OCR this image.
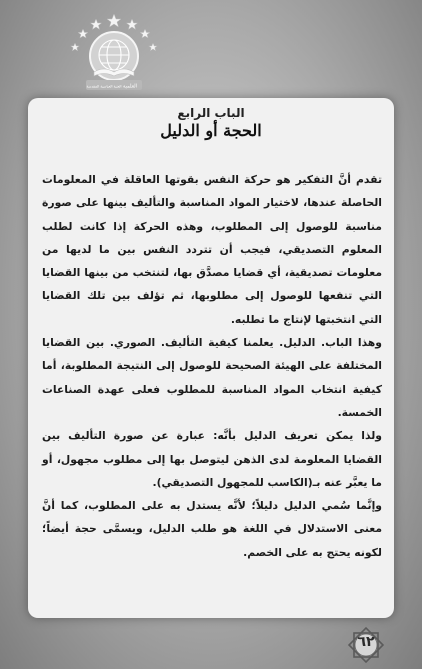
العلمية
العتبة العباسية المقدسة
الباب الرابع
الحجة أو الدليل

تقدم أنَّ التفكير هو حركة النفس بقوتها العاقلة في المعلومات الحاصلة عندها، لاختيار المواد المناسبة والتأليف بينها على صورة مناسبة للوصول إلى المطلوب، وهذه الحركة إذا كانت لطلب المعلوم التصديقي، فيجب أن تتردد النفس بين ما لديها من معلومات تصديقية، أي قضايا مصدَّق بها، لتنتخب من بينها القضايا التي تنفعها للوصول إلى مطلوبها، ثم تؤلف بين تلك القضايا التي انتخبتها لإنتاج ما تطلبه.

وهذا الباب. الدليل. يعلمنا كيفية التأليف. الصوري. بين القضايا المختلفة على الهيئة الصحيحة للوصول إلى النتيجة المطلوبة، أما كيفية انتخاب المواد المناسبة للمطلوب فعلى عهدة الصناعات الخمسة.

ولذا يمكن تعريف الدليل بأنَّه: عبارة عن صورة التأليف بين القضايا المعلومة لدى الذهن ليتوصل بها إلى مطلوب مجهول، أو ما يعبَّر عنه بـ(الكاسب للمجهول التصديقي).

وإنَّما سُمي الدليل دليلاً؛ لأنَّه يستدل به على المطلوب، كما أنَّ معنى الاستدلال في اللغة هو طلب الدليل، ويسمَّى حجة أيضاً؛ لكونه يحتج به على الخصم.

٦٢
